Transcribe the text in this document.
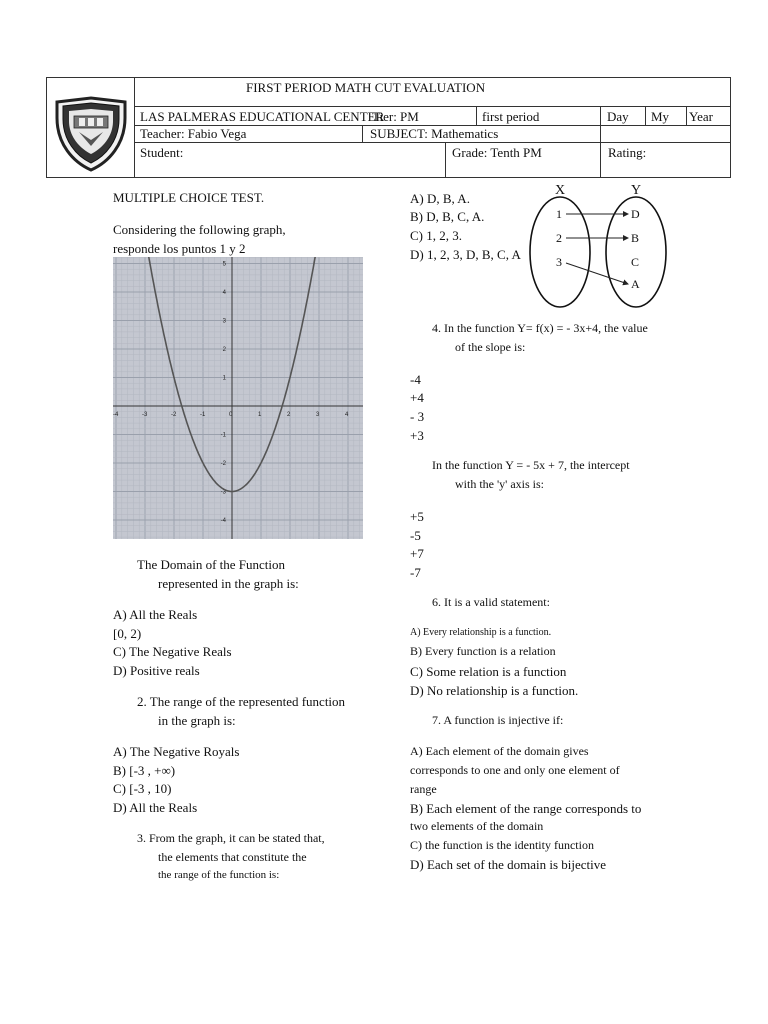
FIRST PERIOD MATH CUT EVALUATION
LAS PALMERAS EDUCATIONAL CENTER
Tier: PM	first period	Day My Year
Teacher: Fabio Vega	SUBJECT: Mathematics
Student:	Grade: Tenth PM	Rating:
MULTIPLE CHOICE TEST.
Considering the following graph,
responde los puntos 1 y 2
-4	-3	-2	-1	0	1	2	3	4
5
4
3
2
1
-1
-2
-3
-4
The Domain of the Function
represented in the graph is:
A) All the Reals
[0, 2)
C) The Negative Reals
D) Positive reals
2. The range of the represented function
in the graph is:
A) The Negative Royals
B) [-3 , +∞)
C) [-3 , 10)
D) All the Reals
3. From the graph, it can be stated that,
the elements that constitute the
the range of the function is:
A) D, B, A.
B) D, B, C, A.
C) 1, 2, 3.
D) 1, 2, 3, D, B, C, A
X	Y
1
2
3
D
B
C
A
4. In the function Y= f(x) = - 3x+4, the value
of the slope is:
-4
+4
- 3
+3
In the function Y = - 5x + 7, the intercept
with the 'y' axis is:
+5
-5
+7
-7
6. It is a valid statement:
A) Every relationship is a function.
B) Every function is a relation
C) Some relation is a function
D) No relationship is a function.
7. A function is injective if:
A) Each element of the domain gives
corresponds to one and only one element of
range
B) Each element of the range corresponds to
two elements of the domain
C) the function is the identity function
D) Each set of the domain is bijective
